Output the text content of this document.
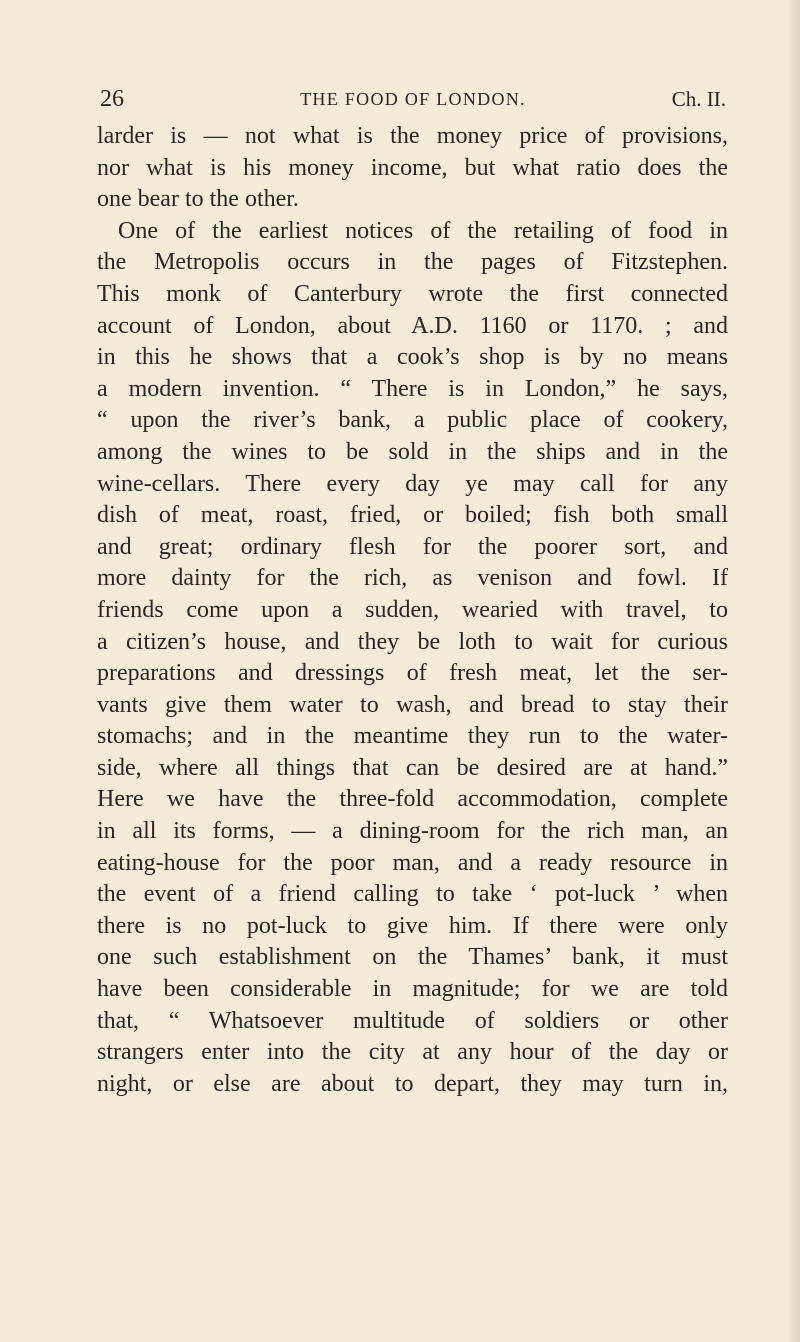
26	THE FOOD OF LONDON.	Ch. II.
larder is — not what is the money price of provisions,
nor what is his money income, but what ratio does the
one bear to the other.
One of the earliest notices of the retailing of food in
the Metropolis occurs in the pages of Fitzstephen.
This monk of Canterbury wrote the first connected
account of London, about A.D. 1160 or 1170. ; and
in this he shows that a cook’s shop is by no means
a modern invention. “ There is in London,” he says,
“ upon the river’s bank, a public place of cookery,
among the wines to be sold in the ships and in the
wine-cellars. There every day ye may call for any
dish of meat, roast, fried, or boiled; fish both small
and great; ordinary flesh for the poorer sort, and
more dainty for the rich, as venison and fowl. If
friends come upon a sudden, wearied with travel, to
a citizen’s house, and they be loth to wait for curious
preparations and dressings of fresh meat, let the ser-
vants give them water to wash, and bread to stay their
stomachs; and in the meantime they run to the water-
side, where all things that can be desired are at hand.”
Here we have the three-fold accommodation, complete
in all its forms, — a dining-room for the rich man, an
eating-house for the poor man, and a ready resource in
the event of a friend calling to take ‘ pot-luck ’ when
there is no pot-luck to give him. If there were only
one such establishment on the Thames’ bank, it must
have been considerable in magnitude; for we are told
that, “ Whatsoever multitude of soldiers or other
strangers enter into the city at any hour of the day or
night, or else are about to depart, they may turn in,
